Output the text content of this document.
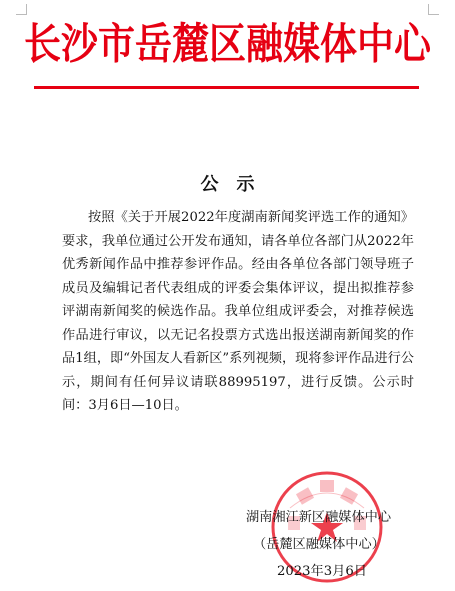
长沙市岳麓区融媒体中心
公示

按照《关于开展2022年度湖南新闻奖评选工作的通知》要求，我单位通过公开发布通知，请各单位各部门从2022年优秀新闻作品中推荐参评作品。经由各单位各部门领导班子成员及编辑记者代表组成的评委会集体评议，提出拟推荐参评湖南新闻奖的候选作品。我单位组成评委会，对推荐候选作品进行审议，以无记名投票方式选出报送湖南新闻奖的作品1组，即“外国友人看新区”系列视频，现将参评作品进行公示，期间有任何异议请联88995197，进行反馈。公示时间：3月6日—10日。

湖南湘江新区融媒体中心
（岳麓区融媒体中心）
2023年3月6日
